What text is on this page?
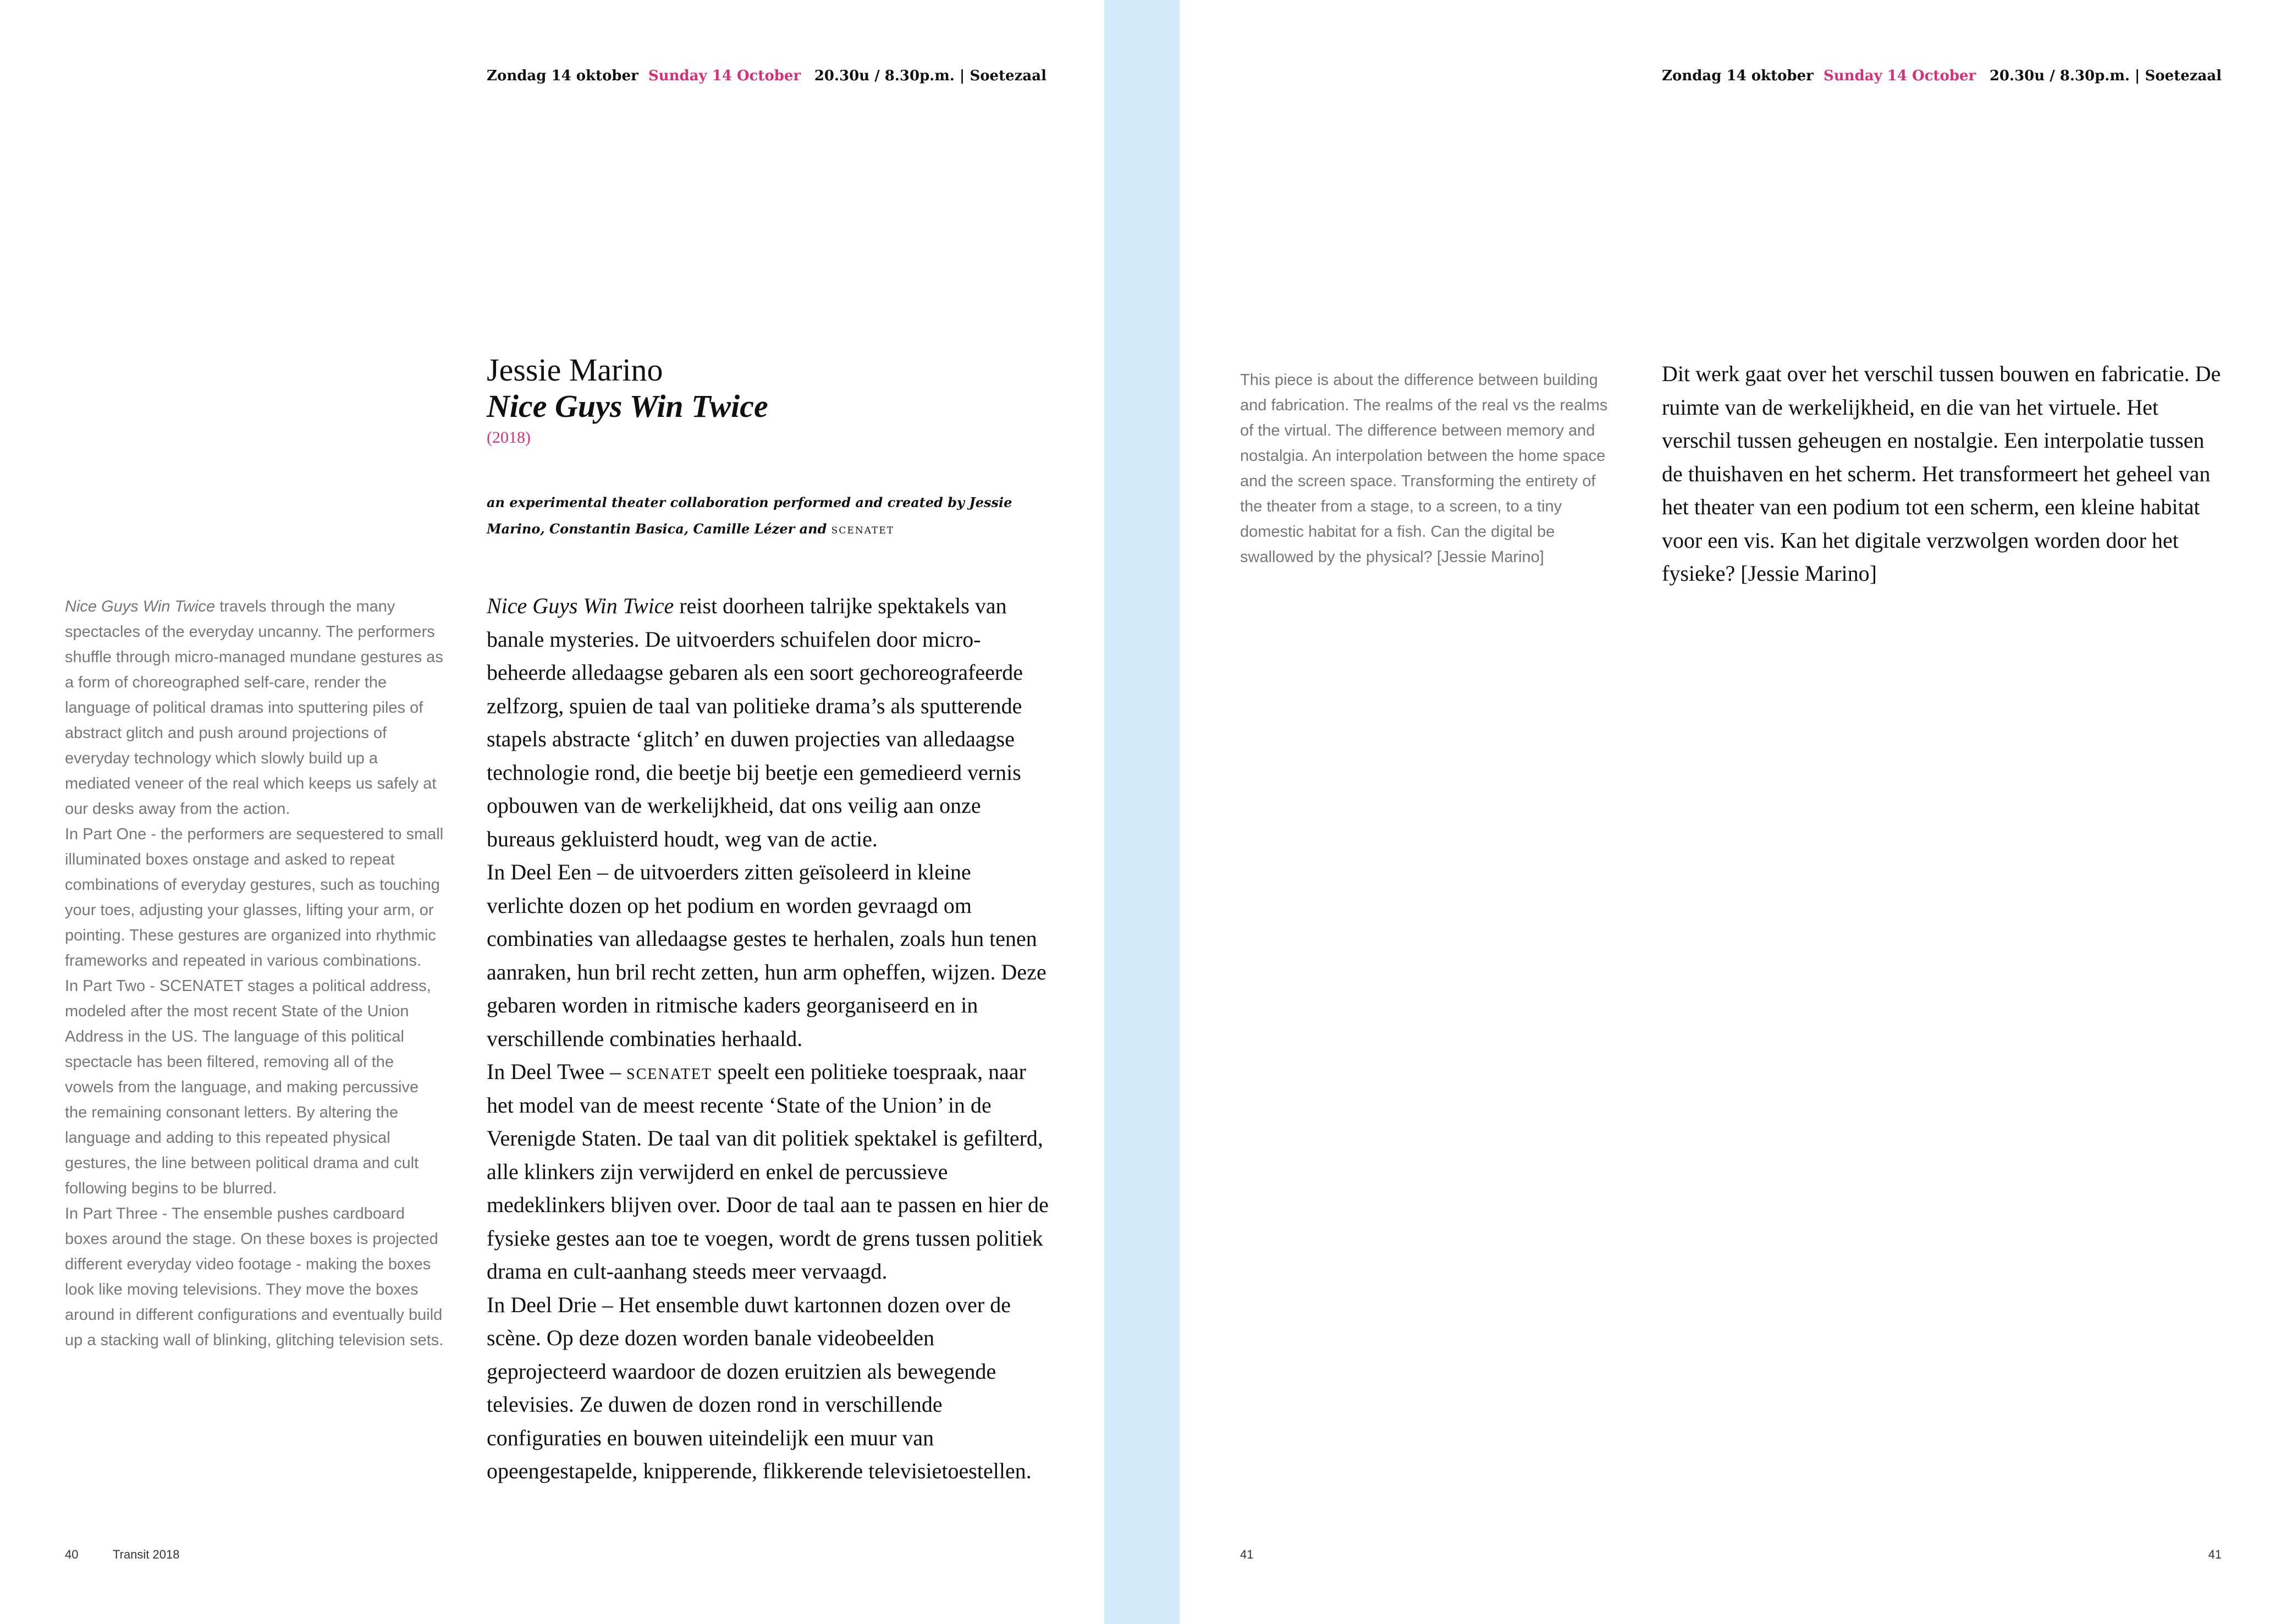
Zondag 14 oktober Sunday 14 October 20.30u / 8.30p.m. | Soetezaal	Zondag 14 oktober Sunday 14 October 20.30u / 8.30p.m. | Soetezaal
Jessie Marino
Nice Guys Win Twice
(2018)
an experimental theater collaboration performed and created by Jessie Marino, Constantin Basica, Camille Lézer and scenatet

Nice Guys Win Twice travels through the many spectacles of the everyday uncanny. The performers shuffle through micro-managed mundane gestures as a form of choreographed self-care, render the language of political dramas into sputtering piles of abstract glitch and push around projections of everyday technology which slowly build up a mediated veneer of the real which keeps us safely at our desks away from the action.

In Part One - the performers are sequestered to small illuminated boxes onstage and asked to repeat combinations of everyday gestures, such as touching your toes, adjusting your glasses, lifting your arm, or pointing. These gestures are organized into rhythmic frameworks and repeated in various combinations.

In Part Two - SCENATET stages a political address, modeled after the most recent State of the Union Address in the US. The language of this political spectacle has been filtered, removing all of the vowels from the language, and making percussive the remaining consonant letters. By altering the language and adding to this repeated physical gestures, the line between political drama and cult following begins to be blurred.

In Part Three - The ensemble pushes cardboard boxes around the stage. On these boxes is projected different everyday video footage - making the boxes look like moving televisions. They move the boxes around in different configurations and eventually build up a stacking wall of blinking, glitching television sets.

Nice Guys Win Twice reist doorheen talrijke spektakels van banale mysteries. De uitvoerders schuifelen door micro-beheerde alledaagse gebaren als een soort gechoreografeerde zelfzorg, spuien de taal van politieke drama’s als sputterende stapels abstracte ‘glitch’ en duwen projecties van alledaagse technologie rond, die beetje bij beetje een gemedieerd vernis opbouwen van de werkelijkheid, dat ons veilig aan onze bureaus gekluisterd houdt, weg van de actie.

In Deel Een – de uitvoerders zitten geïsoleerd in kleine verlichte dozen op het podium en worden gevraagd om combinaties van alledaagse gestes te herhalen, zoals hun tenen aanraken, hun bril recht zetten, hun arm opheffen, wijzen. Deze gebaren worden in ritmische kaders georganiseerd en in verschillende combinaties herhaald.

In Deel Twee – scenatet speelt een politieke toespraak, naar het model van de meest recente ‘State of the Union’ in de Verenigde Staten. De taal van dit politiek spektakel is gefilterd, alle klinkers zijn verwijderd en enkel de percussieve medeklinkers blijven over. Door de taal aan te passen en hier de fysieke gestes aan toe te voegen, wordt de grens tussen politiek drama en cult-aanhang steeds meer vervaagd.

In Deel Drie – Het ensemble duwt kartonnen dozen over de scène. Op deze dozen worden banale videobeelden geprojecteerd waardoor de dozen eruitzien als bewegende televisies. Ze duwen de dozen rond in verschillende configuraties en bouwen uiteindelijk een muur van opeengestapelde, knipperende, flikkerende televisietoestellen.

This piece is about the difference between building and fabrication. The realms of the real vs the realms of the virtual. The difference between memory and nostalgia. An interpolation between the home space and the screen space. Transforming the entirety of the theater from a stage, to a screen, to a tiny domestic habitat for a fish. Can the digital be swallowed by the physical? [Jessie Marino]

Dit werk gaat over het verschil tussen bouwen en fabricatie. De ruimte van de werkelijkheid, en die van het virtuele. Het verschil tussen geheugen en nostalgie. Een interpolatie tussen de thuishaven en het scherm. Het transformeert het geheel van het theater van een podium tot een scherm, een kleine habitat voor een vis. Kan het digitale verzwolgen worden door het fysieke? [Jessie Marino]

40	Transit 2018	41	41
